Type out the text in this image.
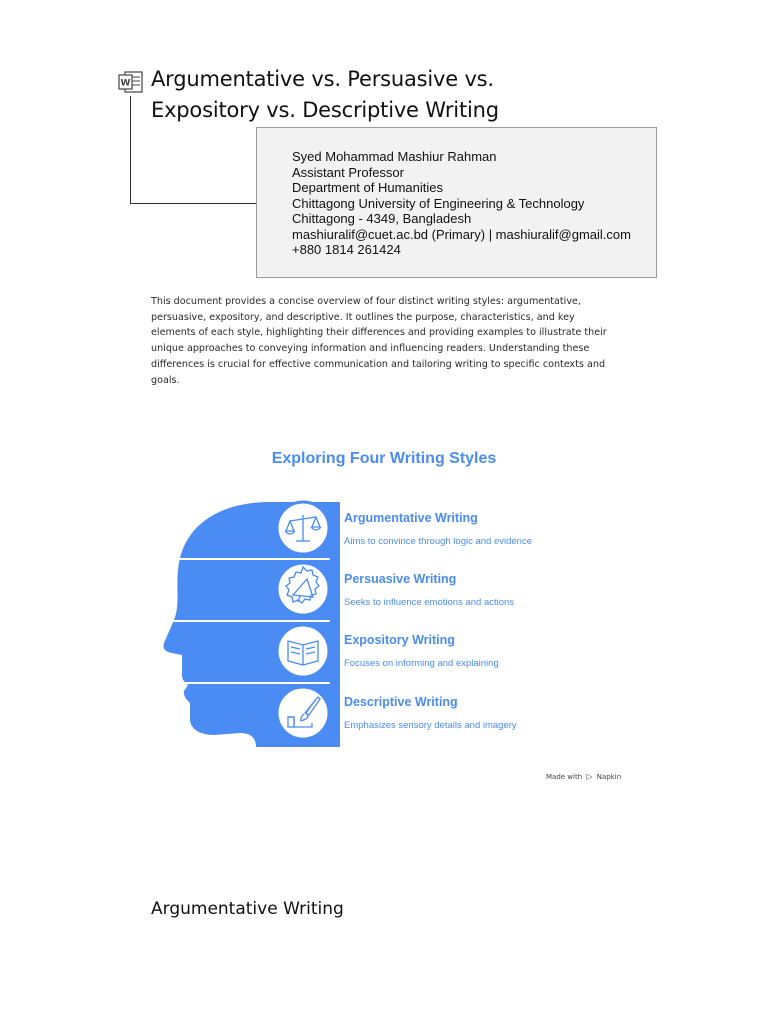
W Argumentative vs. Persuasive vs.
Expository vs. Descriptive Writing
Syed Mohammad Mashiur Rahman
Assistant Professor
Department of Humanities
Chittagong University of Engineering & Technology
Chittagong - 4349, Bangladesh
mashiuralif@cuet.ac.bd (Primary) | mashiuralif@gmail.com
+880 1814 261424

This document provides a concise overview of four distinct writing styles: argumentative, persuasive, expository, and descriptive. It outlines the purpose, characteristics, and key elements of each style, highlighting their differences and providing examples to illustrate their unique approaches to conveying information and influencing readers. Understanding these differences is crucial for effective communication and tailoring writing to specific contexts and goals.

Exploring Four Writing Styles
Argumentative Writing
Aims to convince through logic and evidence
Persuasive Writing
Seeks to influence emotions and actions
Expository Writing
Focuses on informing and explaining
Descriptive Writing
Emphasizes sensory details and imagery
Made with ▷ Napkin
Argumentative Writing
